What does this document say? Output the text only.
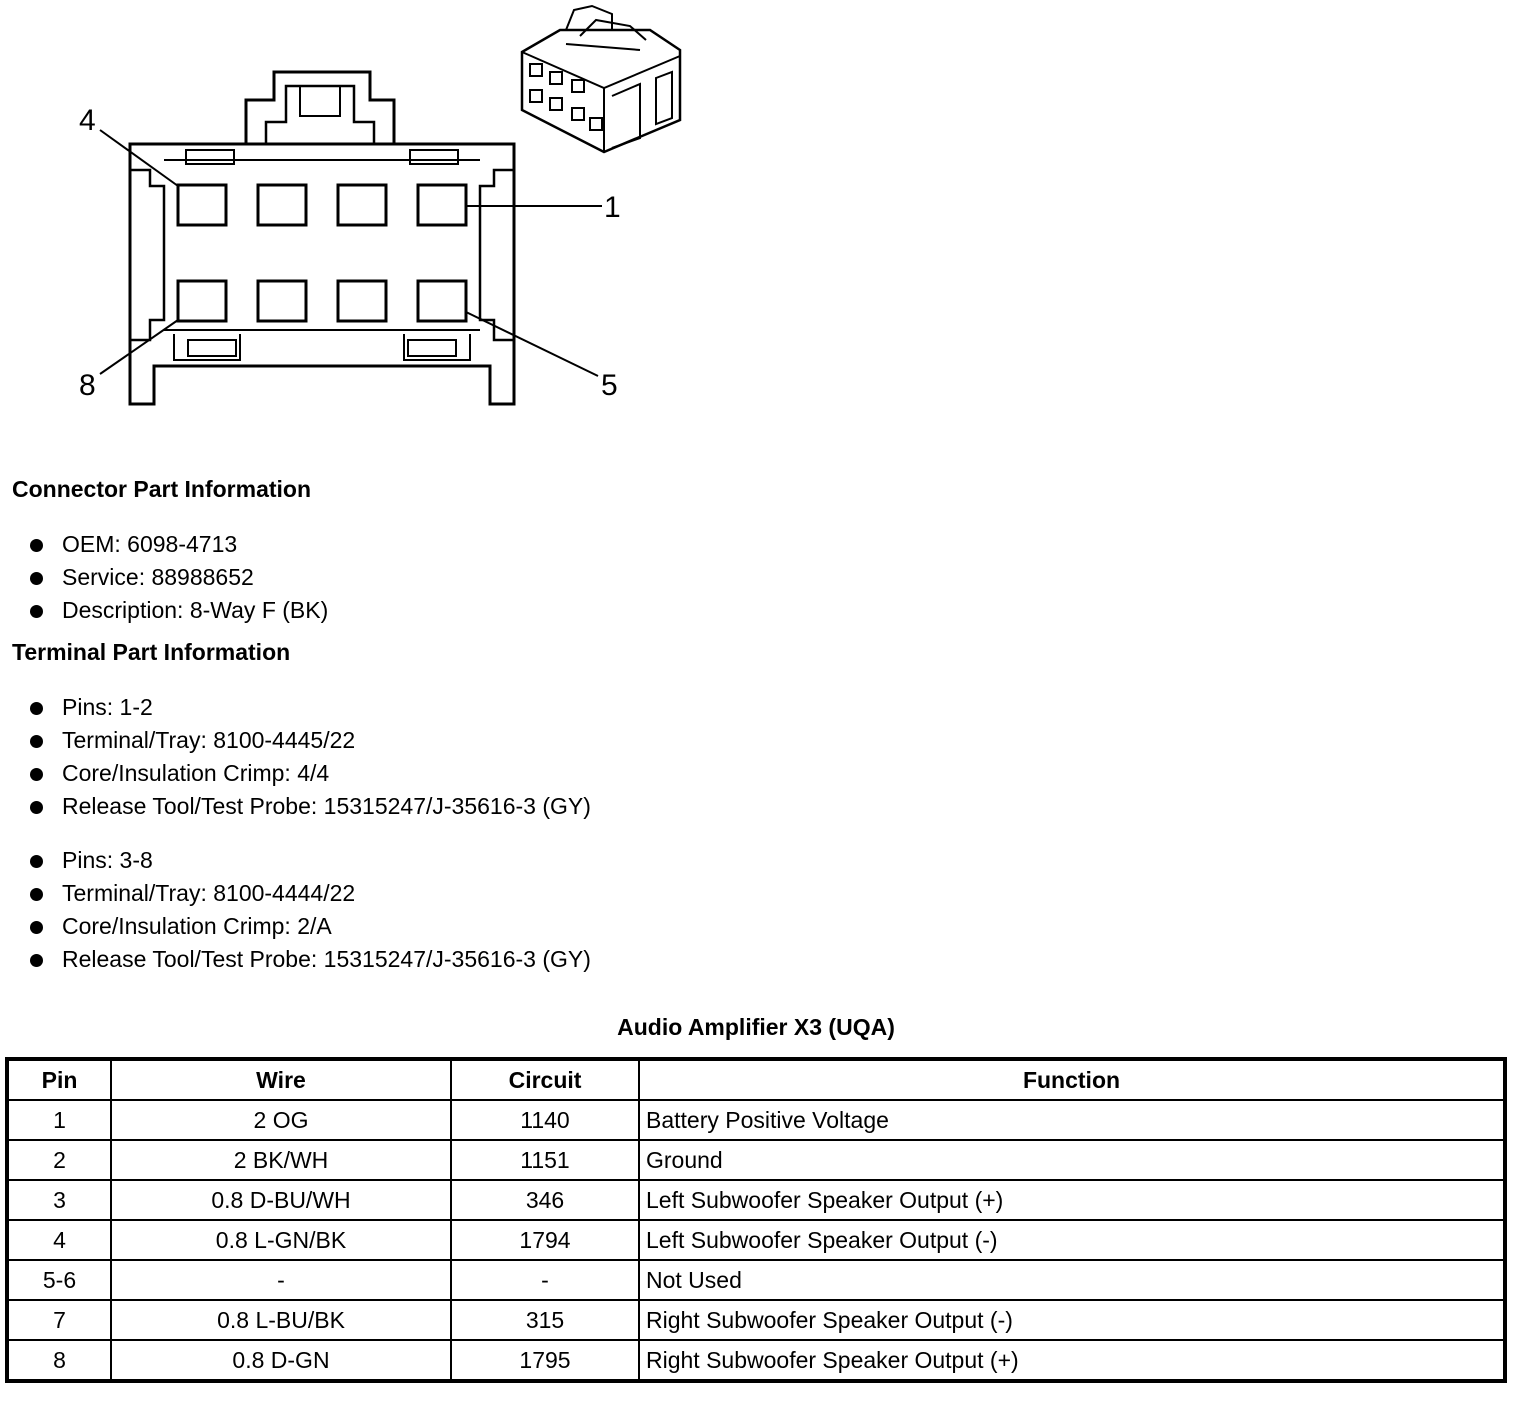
4
1
8	5
Connector Part Information
OEM: 6098-4713
Service: 88988652
Description: 8-Way F (BK)
Terminal Part Information
Pins: 1-2
Terminal/Tray: 8100-4445/22
Core/Insulation Crimp: 4/4
Release Tool/Test Probe: 15315247/J-35616-3 (GY)
Pins: 3-8
Terminal/Tray: 8100-4444/22
Core/Insulation Crimp: 2/A
Release Tool/Test Probe: 15315247/J-35616-3 (GY)
Audio Amplifier X3 (UQA)
Pin	Wire	Circuit	Function
1	2 OG	1140	Battery Positive Voltage
2	2 BK/WH	1151	Ground
3	0.8 D-BU/WH	346	Left Subwoofer Speaker Output (+)
4	0.8 L-GN/BK	1794	Left Subwoofer Speaker Output (-)
5-6	-	-	Not Used
7	0.8 L-BU/BK	315	Right Subwoofer Speaker Output (-)
8	0.8 D-GN	1795	Right Subwoofer Speaker Output (+)
